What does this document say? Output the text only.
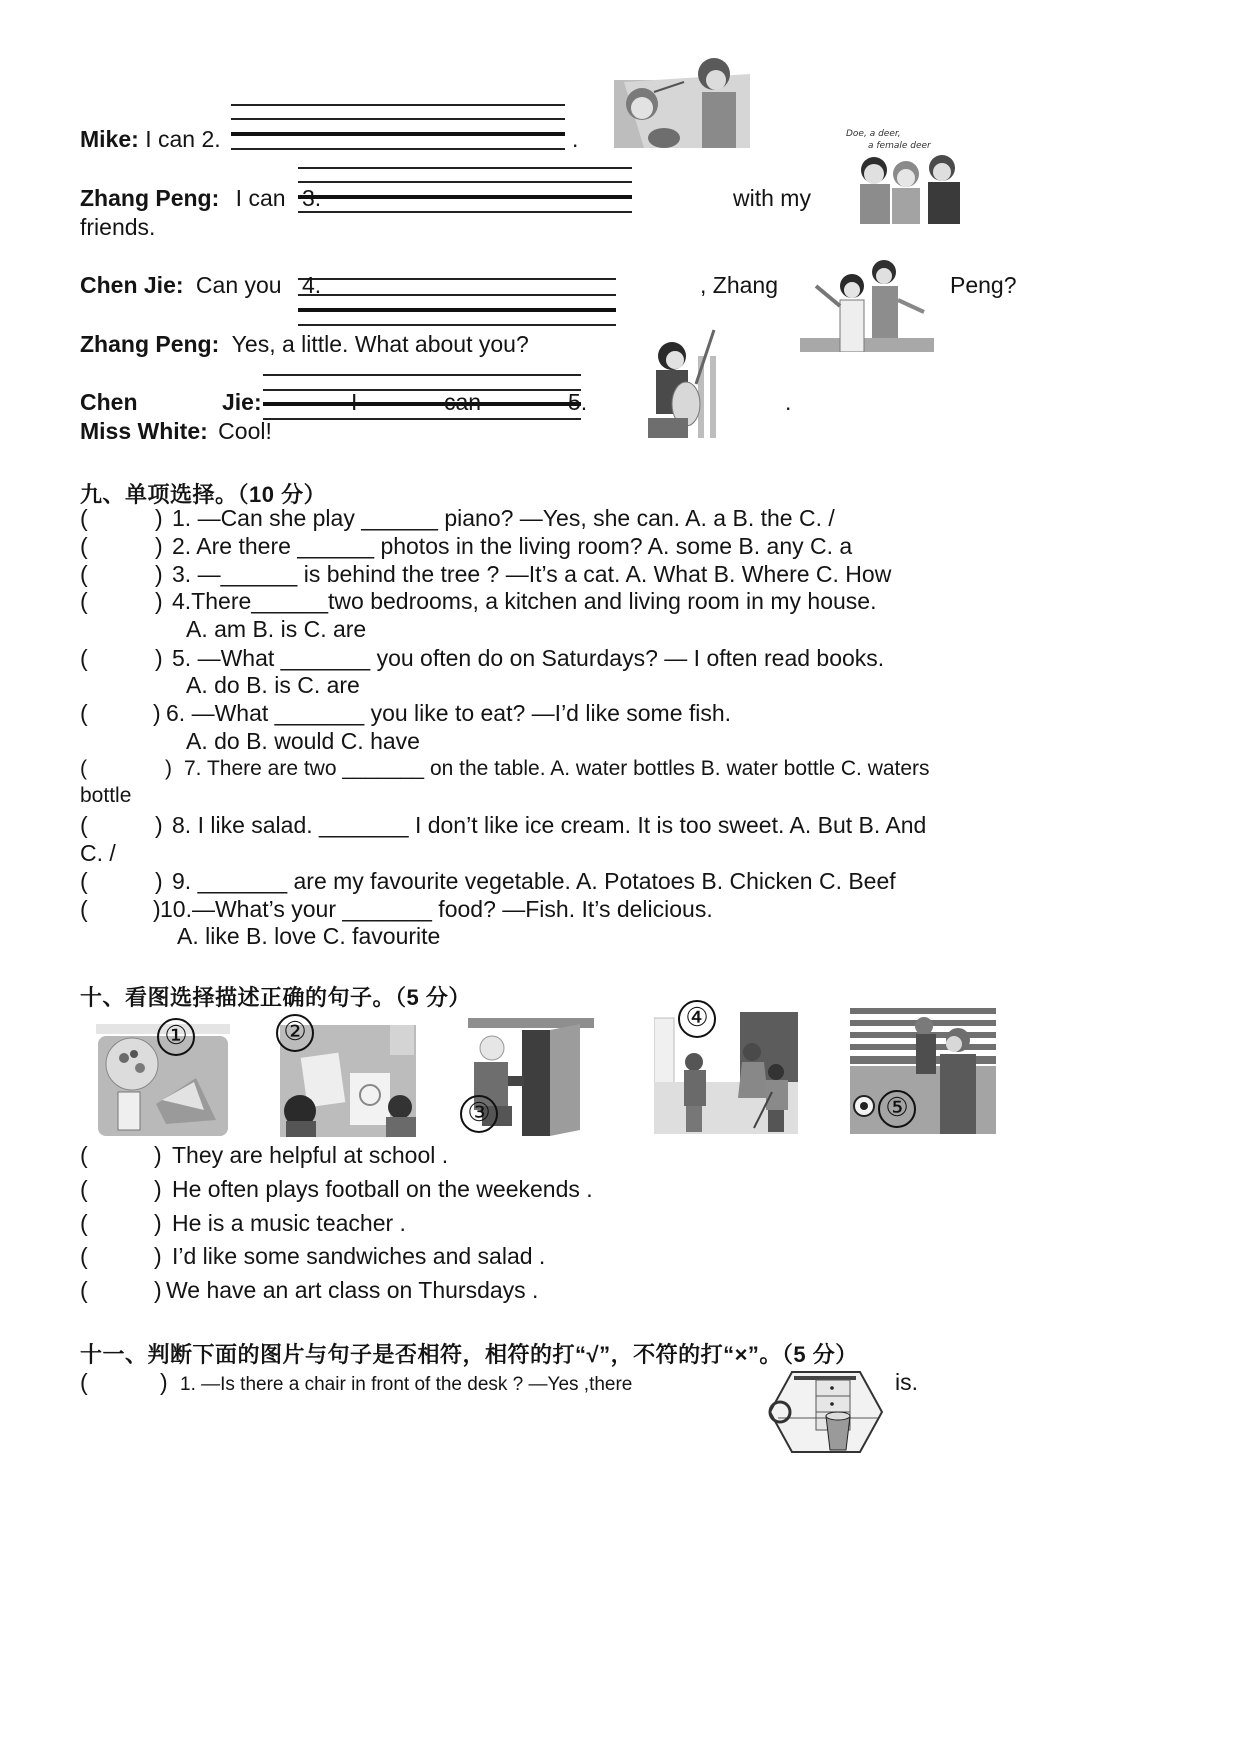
Mike: I can 2.	.
Zhang Peng: I can 3.	with my
friends.
Doe, a deer,
a female deer
Chen Jie: Can you 4.	, Zhang	Peng?
Zhang Peng: Yes, a little. What about you?
Chen	Jie:	I	can	5.	.
Miss White: Cool!
九、单项选择。（10 分）
(	) 1. —Can she play ______ piano? —Yes, she can. A. a B. the C. /
(	) 2. Are there ______ photos in the living room? A. some B. any C. a
(	) 3. —______ is behind the tree ? —It’s a cat. A. What B. Where C. How
(	) 4.There______two bedrooms, a kitchen and living room in my house.
A. am B. is C. are
(	) 5. —What _______ you often do on Saturdays? — I often read books.
A. do B. is C. are
(	) 6. —What _______ you like to eat? —I’d like some fish.
A. do B. would C. have
(	) 7. There are two _______ on the table. A. water bottles B. water bottle C. waters
bottle
(	) 8. I like salad. _______ I don’t like ice cream. It is too sweet. A. But B. And
C. /
(	) 9. _______ are my favourite vegetable. A. Potatoes B. Chicken C. Beef
(	) 10.—What’s your _______ food? —Fish. It’s delicious.
A. like B. love C. favourite
十、看图选择描述正确的句子。（5 分）
①	②
③
④
⑤
(	) They are helpful at school .
(	) He often plays football on the weekends .
(	) He is a music teacher .
(	) I’d like some sandwiches and salad .
(	) We have an art class on Thursdays .
十一、判断下面的图片与句子是否相符，相符的打“√”，不符的打“×”。（5 分）
(	) 1. —Is there a chair in front of the desk ? —Yes ,there	is.
